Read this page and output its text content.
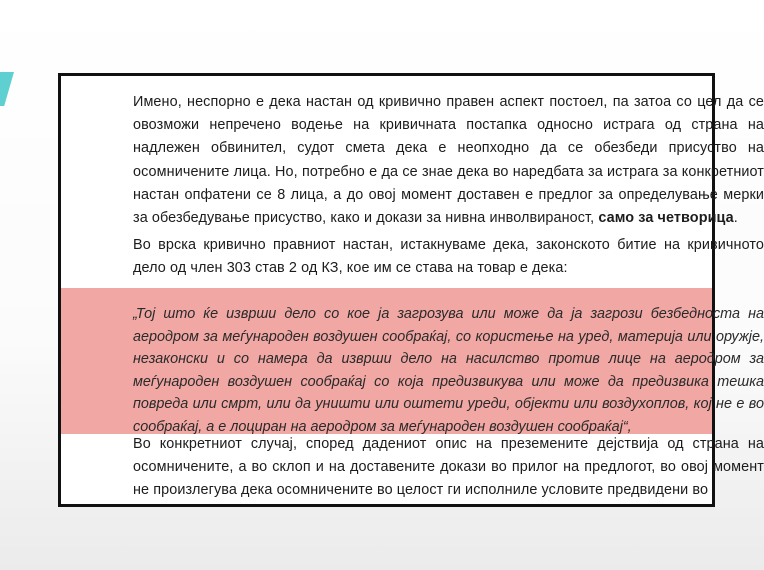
Имено, неспорно е дека настан од кривично правен аспект постоел, па затоа со цел да се овозможи непречено водење на кривичната постапка односно истрага од страна на надлежен обвинител, судот смета дека е неопходно да се обезбеди присуство на осомничените лица. Но, потребно е да се знае дека во наредбата за истрага за конкретниот настан опфатени се 8 лица, а до овој момент доставен е предлог за определување мерки за обезбедување присуство, како и докази за нивна инволвираност, само за четворица.

Во врска кривично правниот настан, истакнуваме дека, законското битие на кривичното дело од член 303 став 2 од КЗ, кое им се става на товар е дека:

„Тој што ќе изврши дело со кое ја загрозува или може да ја загрози безбедноста на аеродром за меѓународен воздушен сообраќај, со користење на уред, материја или оружје, незаконски и со намера да изврши дело на насилство против лице на аеродром за меѓународен воздушен сообраќај со која предизвикува или може да предизвика тешка повреда или смрт, или да уништи или оштети уреди, објекти или воздухоплов, кој не е во сообраќај, а е лоциран на аеродром за меѓународен воздушен сообраќај“,

Во конкретниот случај, според дадениот опис на преземените дејствија од страна на осомничените, а во склоп и на доставените докази во прилог на предлогот, во овој момент не произлегува дека осомничените во целост ги исполниле условите предвидени во
